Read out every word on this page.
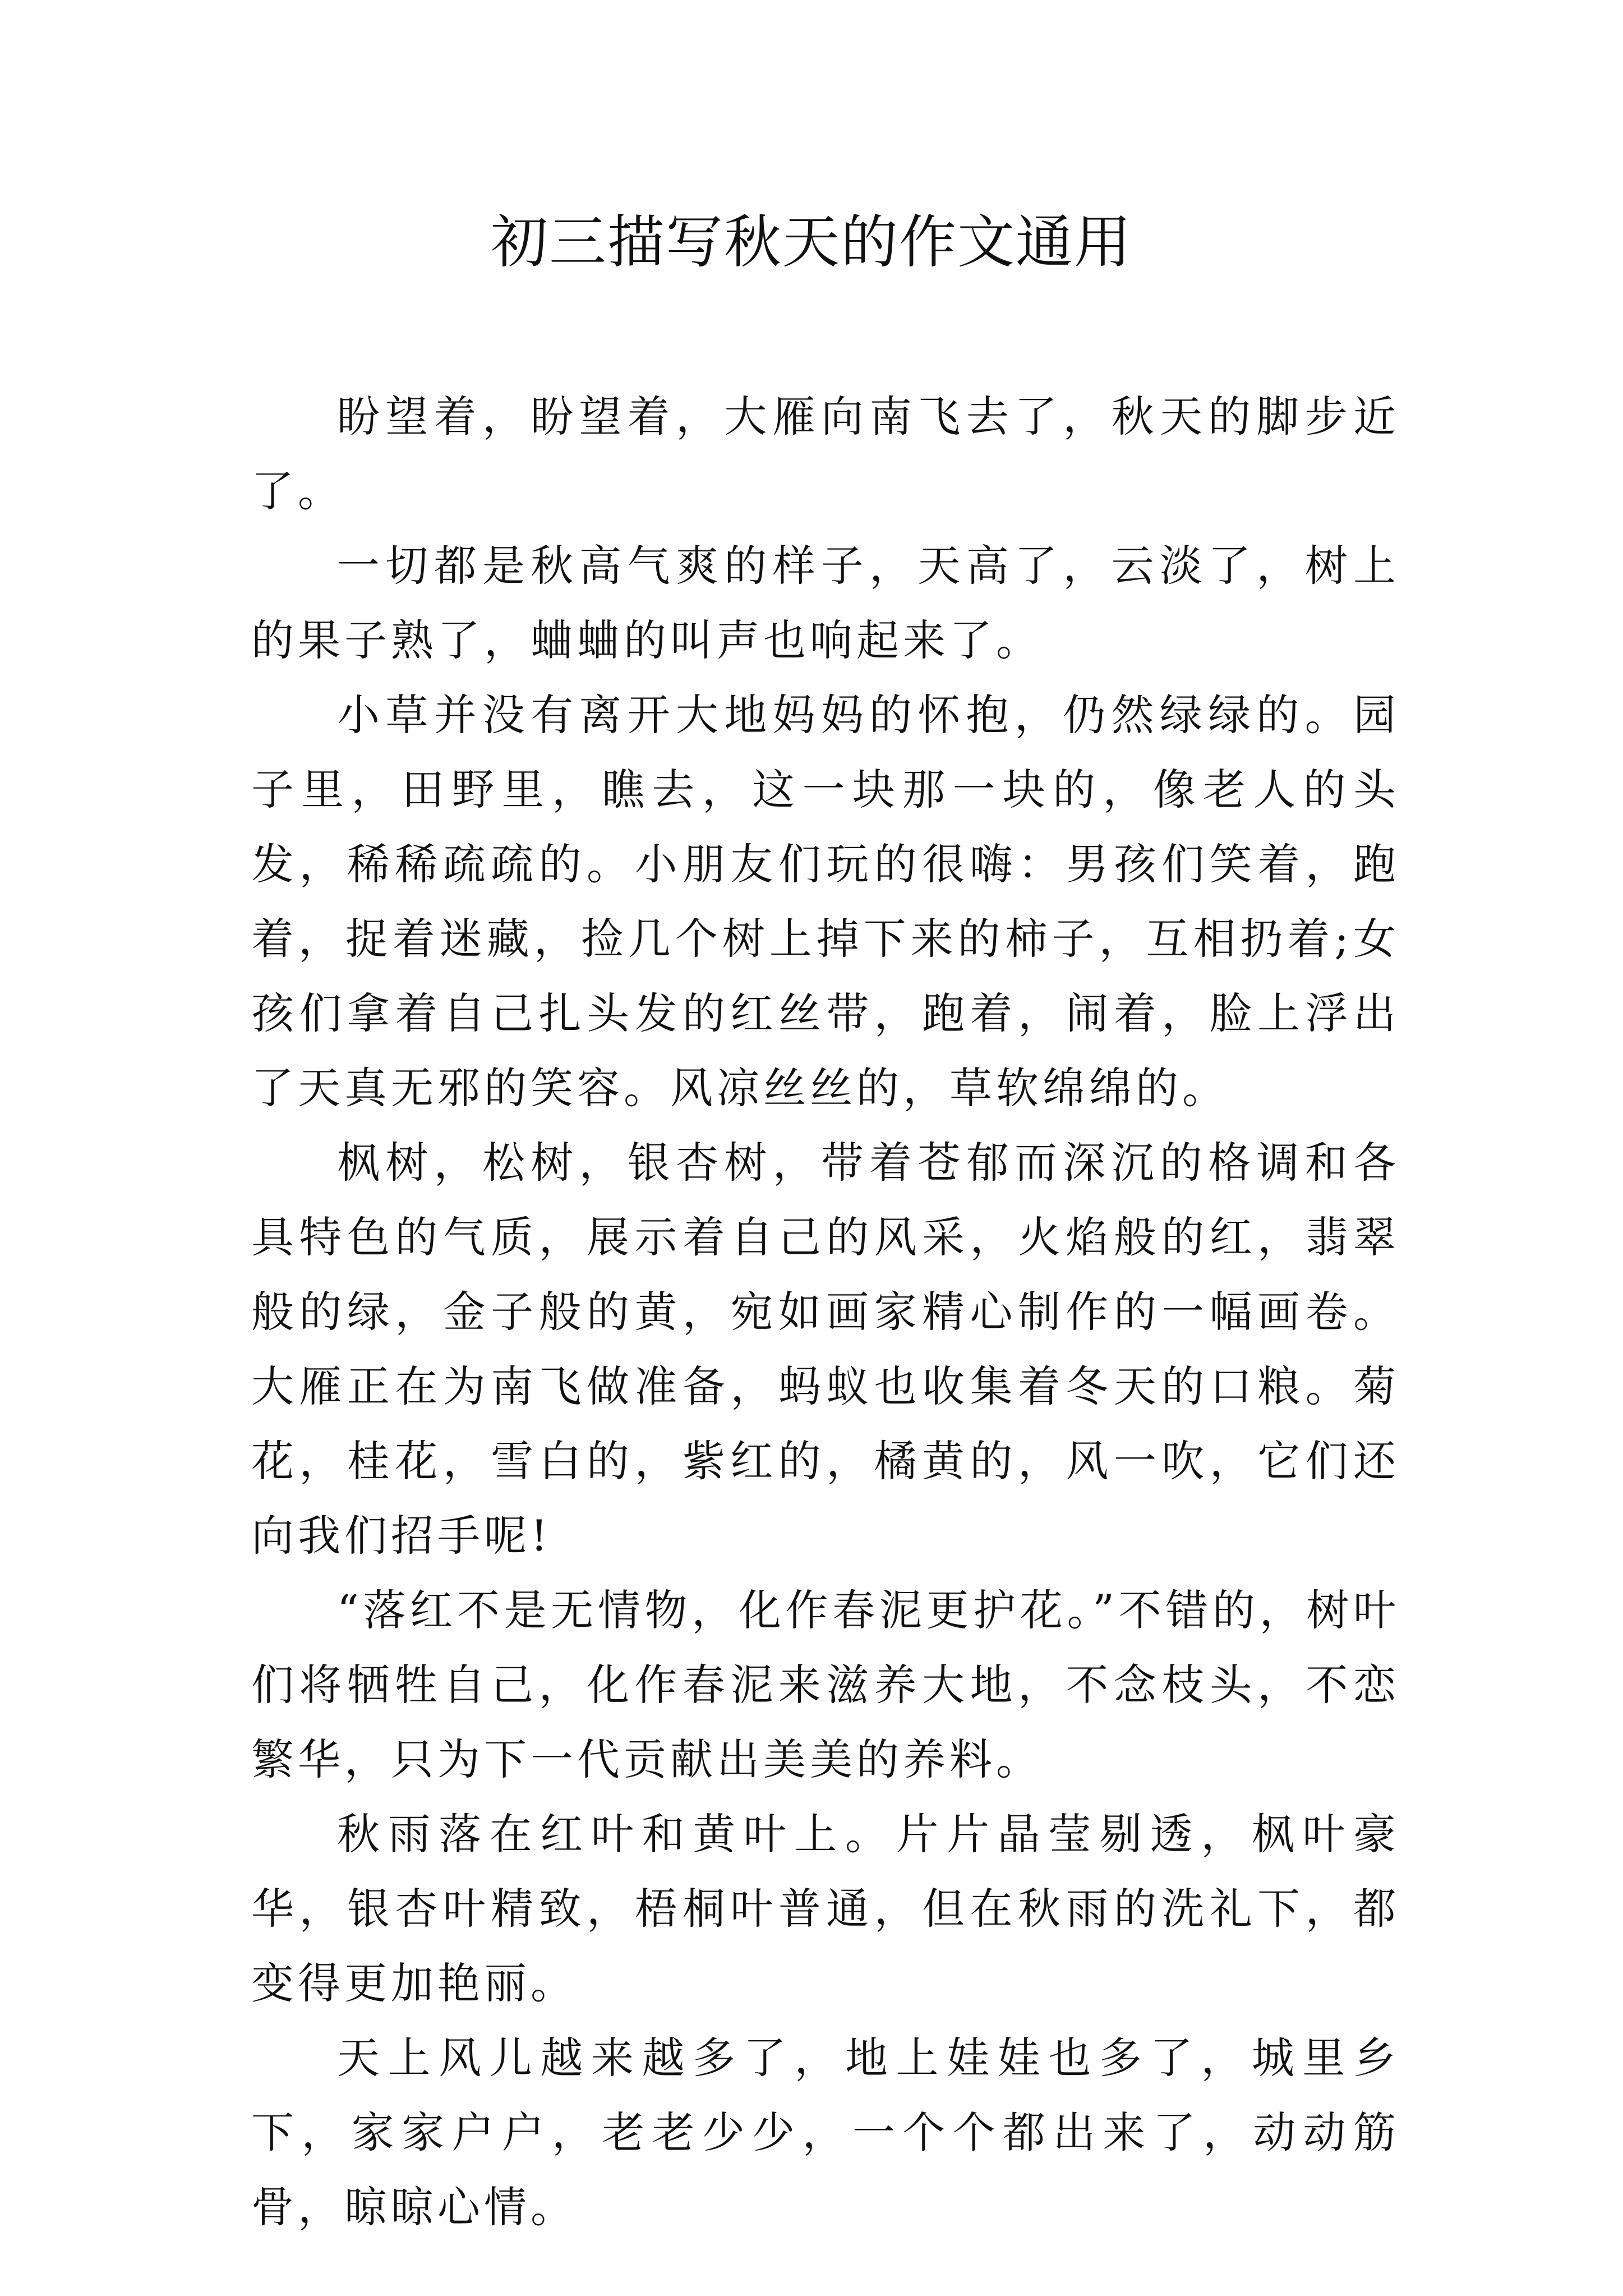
初三描写秋天的作文通用

盼望着，盼望着，大雁向南飞去了，秋天的脚步近了。

一切都是秋高气爽的样子，天高了，云淡了，树上的果子熟了，蛐蛐的叫声也响起来了。

小草并没有离开大地妈妈的怀抱，仍然绿绿的。园子里，田野里，瞧去，这一块那一块的，像老人的头发，稀稀疏疏的。小朋友们玩的很嗨：男孩们笑着，跑着，捉着迷藏，捡几个树上掉下来的柿子，互相扔着;女孩们拿着自己扎头发的红丝带，跑着，闹着，脸上浮出了天真无邪的笑容。风凉丝丝的，草软绵绵的。

枫树，松树，银杏树，带着苍郁而深沉的格调和各具特色的气质，展示着自己的风采，火焰般的红，翡翠般的绿，金子般的黄，宛如画家精心制作的一幅画卷。大雁正在为南飞做准备，蚂蚁也收集着冬天的口粮。菊花，桂花，雪白的，紫红的，橘黄的，风一吹，它们还向我们招手呢!

“落红不是无情物，化作春泥更护花。”不错的，树叶们将牺牲自己，化作春泥来滋养大地，不念枝头，不恋繁华，只为下一代贡献出美美的养料。

秋雨落在红叶和黄叶上。片片晶莹剔透，枫叶豪华，银杏叶精致，梧桐叶普通，但在秋雨的洗礼下，都变得更加艳丽。

天上风儿越来越多了，地上娃娃也多了，城里乡下，家家户户，老老少少，一个个都出来了，动动筋骨，晾晾心情。
